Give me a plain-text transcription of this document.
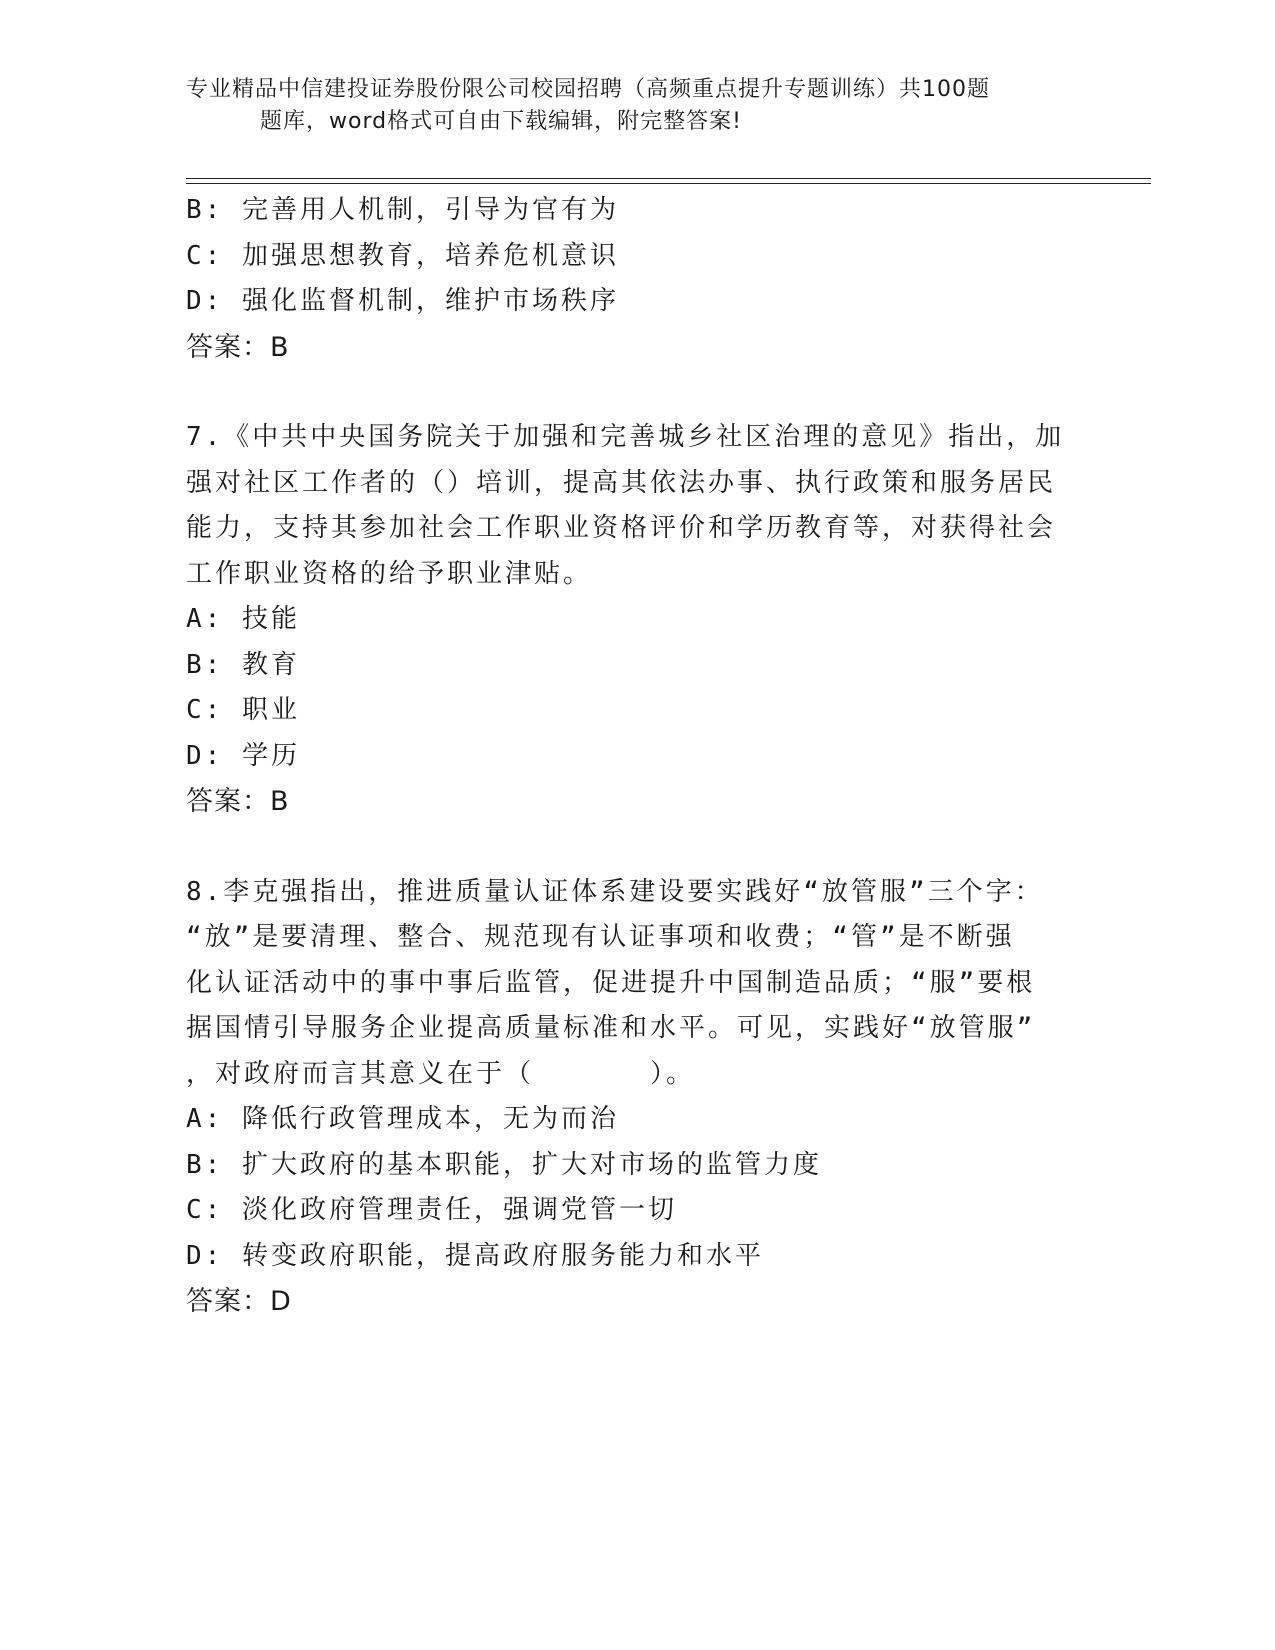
专业精品中信建投证券股份限公司校园招聘（高频重点提升专题训练）共100题
题库，word格式可自由下载编辑，附完整答案!
B: 完善用人机制，引导为官有为
C: 加强思想教育，培养危机意识
D: 强化监督机制，维护市场秩序
答案：B
7.《中共中央国务院关于加强和完善城乡社区治理的意见》指出，加
强对社区工作者的（）培训，提高其依法办事、执行政策和服务居民
能力，支持其参加社会工作职业资格评价和学历教育等，对获得社会
工作职业资格的给予职业津贴。
A: 技能
B: 教育
C: 职业
D: 学历
答案：B
8.李克强指出，推进质量认证体系建设要实践好“放管服”三个字：
“放”是要清理、整合、规范现有认证事项和收费；“管”是不断强
化认证活动中的事中事后监管，促进提升中国制造品质；“服”要根
据国情引导服务企业提高质量标准和水平。可见，实践好“放管服”
，对政府而言其意义在于（　　　　）。
A: 降低行政管理成本，无为而治
B: 扩大政府的基本职能，扩大对市场的监管力度
C: 淡化政府管理责任，强调党管一切
D: 转变政府职能，提高政府服务能力和水平
答案：D
